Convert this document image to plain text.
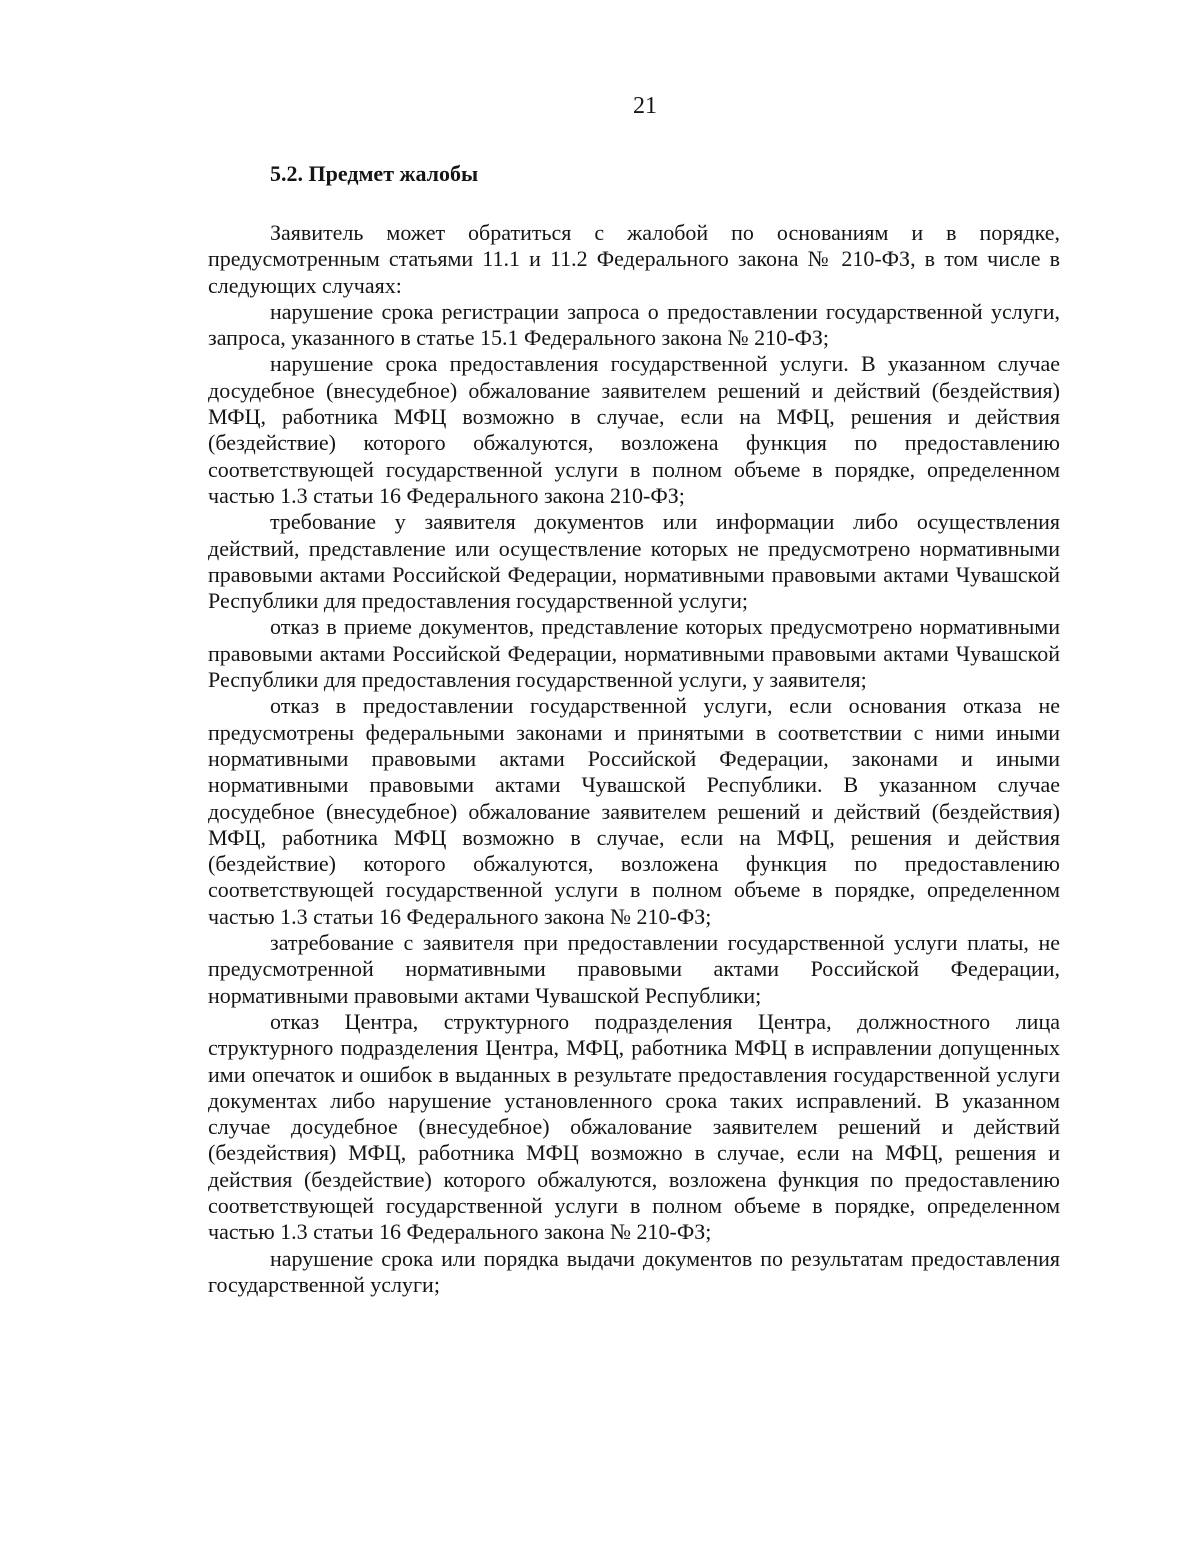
21
5.2. Предмет жалобы

Заявитель может обратиться с жалобой по основаниям и в порядке, предусмотренным статьями 11.1 и 11.2 Федерального закона № 210-ФЗ, в том числе в следующих случаях:

нарушение срока регистрации запроса о предоставлении государственной услуги, запроса, указанного в статье 15.1 Федерального закона № 210-ФЗ;

нарушение срока предоставления государственной услуги. В указанном случае досудебное (внесудебное) обжалование заявителем решений и действий (бездействия) МФЦ, работника МФЦ возможно в случае, если на МФЦ, решения и действия (бездействие) которого обжалуются, возложена функция по предоставлению соответствующей государственной услуги в полном объеме в порядке, определенном частью 1.3 статьи 16 Федерального закона 210-ФЗ;

требование у заявителя документов или информации либо осуществления действий, представление или осуществление которых не предусмотрено нормативными правовыми актами Российской Федерации, нормативными правовыми актами Чувашской Республики для предоставления государственной услуги;

отказ в приеме документов, представление которых предусмотрено нормативными правовыми актами Российской Федерации, нормативными правовыми актами Чувашской Республики для предоставления государственной услуги, у заявителя;

отказ в предоставлении государственной услуги, если основания отказа не предусмотрены федеральными законами и принятыми в соответствии с ними иными нормативными правовыми актами Российской Федерации, законами и иными нормативными правовыми актами Чувашской Республики. В указанном случае досудебное (внесудебное) обжалование заявителем решений и действий (бездействия) МФЦ, работника МФЦ возможно в случае, если на МФЦ, решения и действия (бездействие) которого обжалуются, возложена функция по предоставлению соответствующей государственной услуги в полном объеме в порядке, определенном частью 1.3 статьи 16 Федерального закона № 210-ФЗ;

затребование с заявителя при предоставлении государственной услуги платы, не предусмотренной нормативными правовыми актами Российской Федерации, нормативными правовыми актами Чувашской Республики;

отказ Центра, структурного подразделения Центра, должностного лица структурного подразделения Центра, МФЦ, работника МФЦ в исправлении допущенных ими опечаток и ошибок в выданных в результате предоставления государственной услуги документах либо нарушение установленного срока таких исправлений. В указанном случае досудебное (внесудебное) обжалование заявителем решений и действий (бездействия) МФЦ, работника МФЦ возможно в случае, если на МФЦ, решения и действия (бездействие) которого обжалуются, возложена функция по предоставлению соответствующей государственной услуги в полном объеме в порядке, определенном частью 1.3 статьи 16 Федерального закона № 210-ФЗ;

нарушение срока или порядка выдачи документов по результатам предоставления государственной услуги;
